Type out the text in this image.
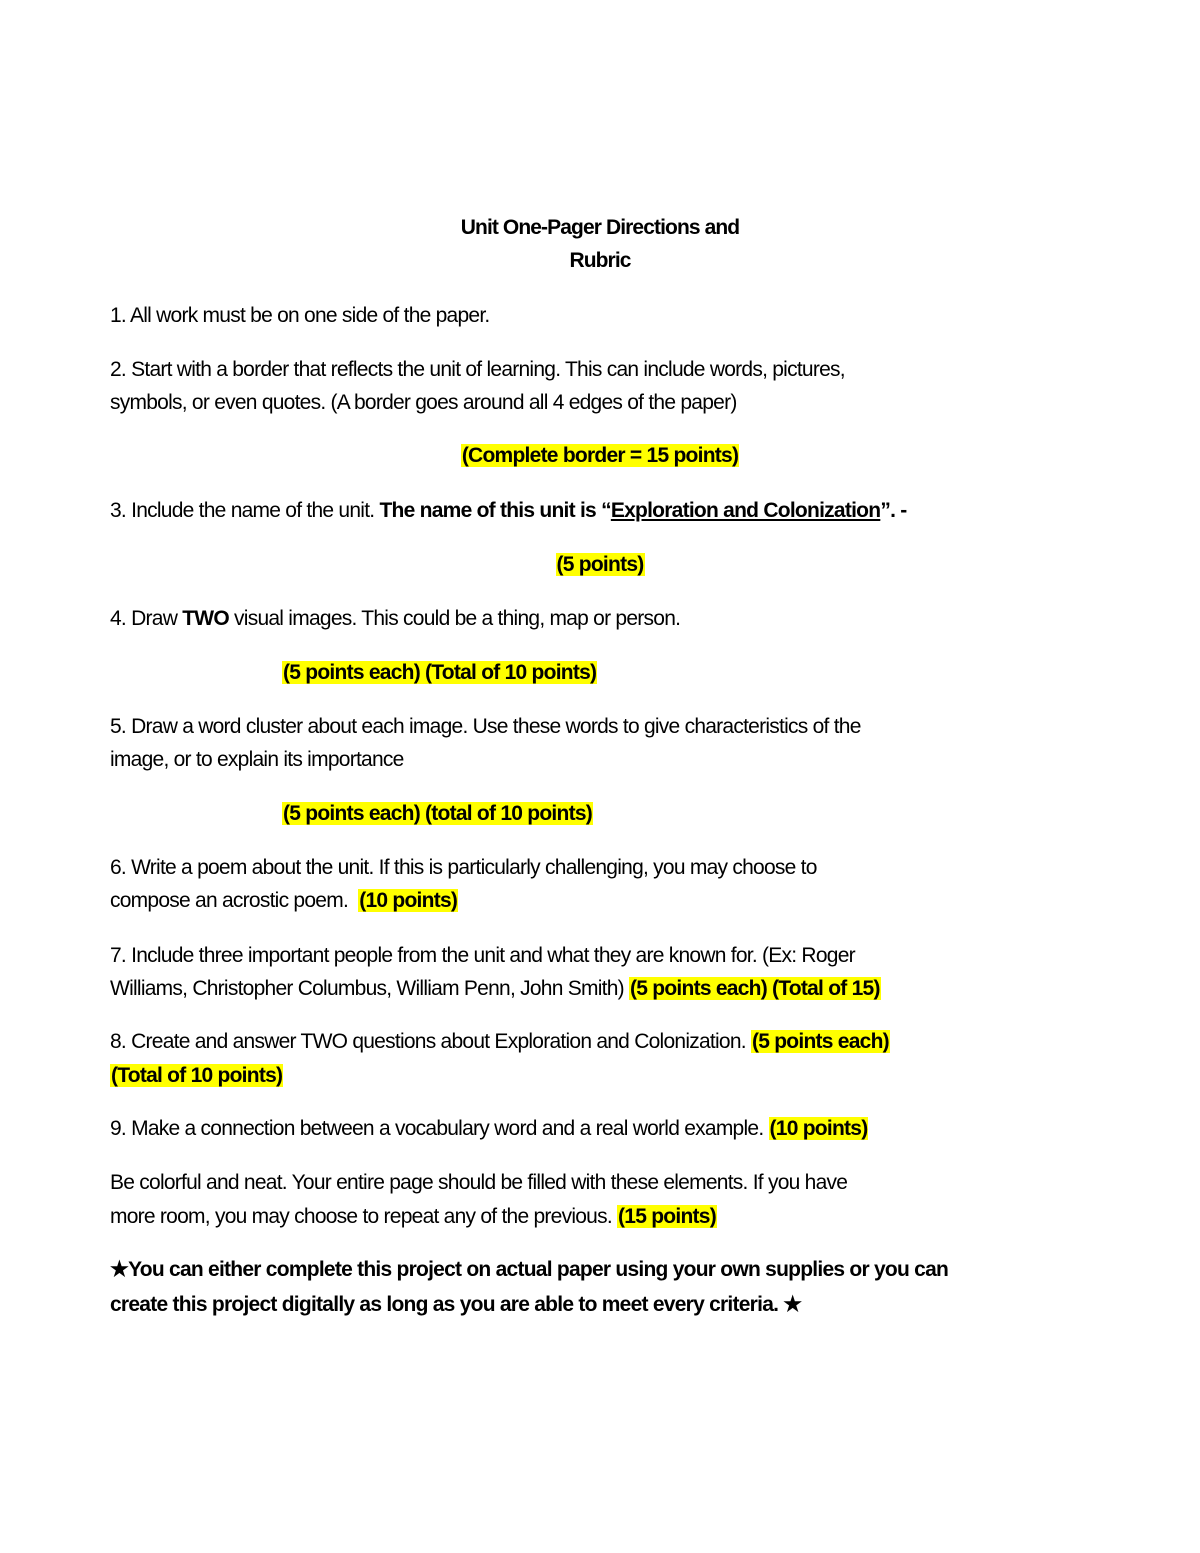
Unit One-Pager Directions and
Rubric
1. All work must be on one side of the paper.
2. Start with a border that reflects the unit of learning. This can include words, pictures,
symbols, or even quotes. (A border goes around all 4 edges of the paper)
(Complete border = 15 points)
3. Include the name of the unit. The name of this unit is “Exploration and Colonization”. -
(5 points)
4. Draw TWO visual images. This could be a thing, map or person.
(5 points each) (Total of 10 points)
5. Draw a word cluster about each image. Use these words to give characteristics of the
image, or to explain its importance
(5 points each) (total of 10 points)
6. Write a poem about the unit. If this is particularly challenging, you may choose to
compose an acrostic poem.  (10 points)
7. Include three important people from the unit and what they are known for. (Ex: Roger
Williams, Christopher Columbus, William Penn, John Smith) (5 points each) (Total of 15)
8. Create and answer TWO questions about Exploration and Colonization. (5 points each)
(Total of 10 points)
9. Make a connection between a vocabulary word and a real world example. (10 points)
Be colorful and neat. Your entire page should be filled with these elements. If you have
more room, you may choose to repeat any of the previous. (15 points)
★You can either complete this project on actual paper using your own supplies or you can
create this project digitally as long as you are able to meet every criteria. ★
